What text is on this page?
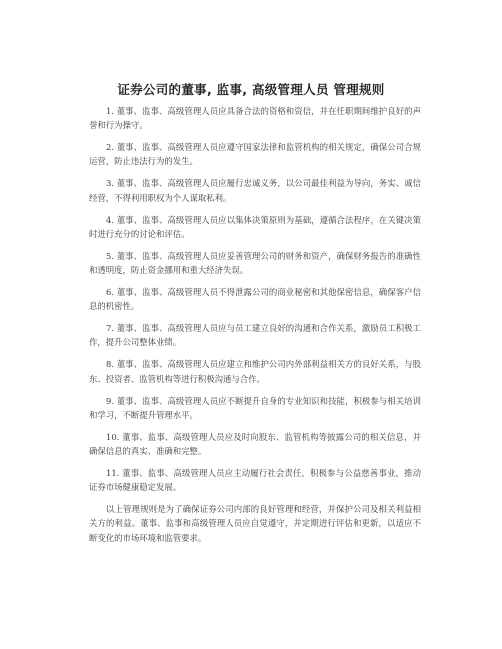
证券公司的董事, 监事, 高级管理人员 管理规则

1. 董事、监事、高级管理人员应具备合法的资格和资信，并在任职期间维护良好的声誉和行为操守。

2. 董事、监事、高级管理人员应遵守国家法律和监管机构的相关规定，确保公司合规运营，防止违法行为的发生。

3. 董事、监事、高级管理人员应履行忠诚义务，以公司最佳利益为导向，务实、诚信经营，不得利用职权为个人谋取私利。

4. 董事、监事、高级管理人员应以集体决策原则为基础，遵循合法程序，在关键决策时进行充分的讨论和评估。

5. 董事、监事、高级管理人员应妥善管理公司的财务和资产，确保财务报告的准确性和透明度，防止资金挪用和重大经济失误。

6. 董事、监事、高级管理人员不得泄露公司的商业秘密和其他保密信息，确保客户信息的机密性。

7. 董事、监事、高级管理人员应与员工建立良好的沟通和合作关系，激励员工积极工作，提升公司整体业绩。

8. 董事、监事、高级管理人员应建立和维护公司内外部利益相关方的良好关系，与股东、投资者、监管机构等进行积极沟通与合作。

9. 董事、监事、高级管理人员应不断提升自身的专业知识和技能，积极参与相关培训和学习，不断提升管理水平。

10. 董事、监事、高级管理人员应及时向股东、监管机构等披露公司的相关信息，并确保信息的真实、准确和完整。

11. 董事、监事、高级管理人员应主动履行社会责任，积极参与公益慈善事业，推动证券市场健康稳定发展。

以上管理规则是为了确保证券公司内部的良好管理和经营，并保护公司及相关利益相关方的利益。董事、监事和高级管理人员应自觉遵守，并定期进行评估和更新，以适应不断变化的市场环境和监管要求。
